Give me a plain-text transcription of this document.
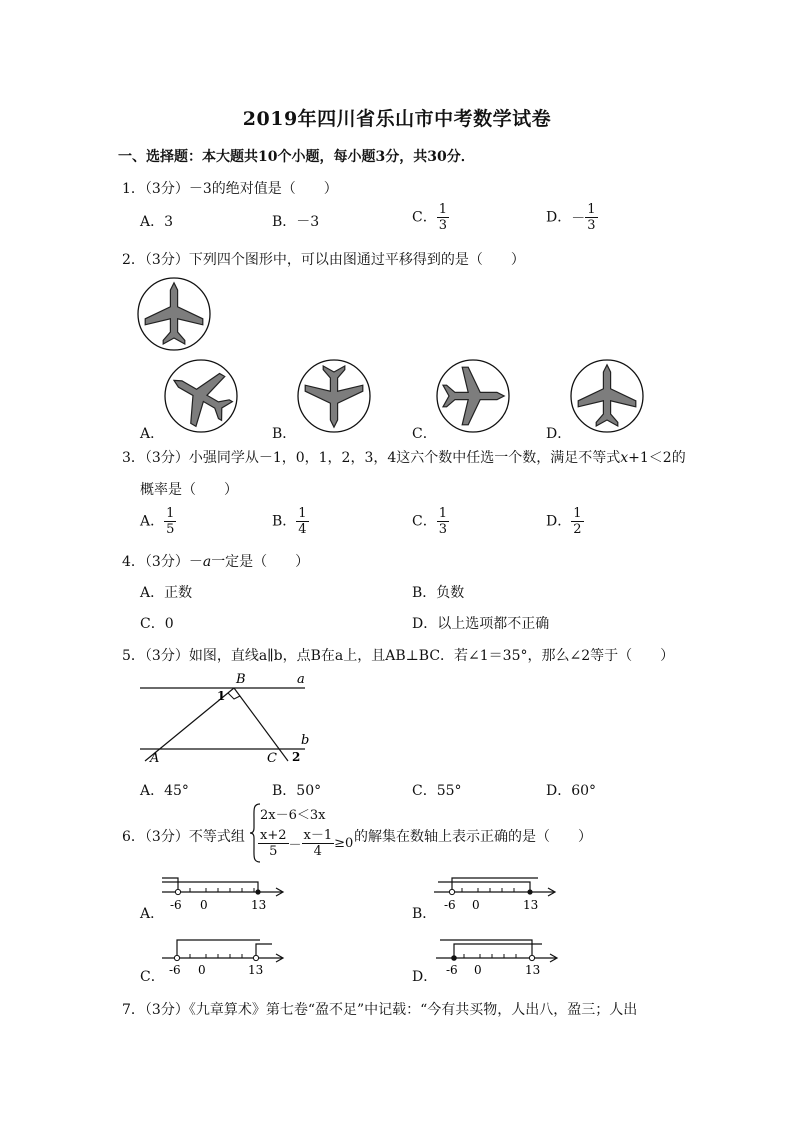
2019年四川省乐山市中考数学试卷
一、选择题：本大题共10个小题，每小题3分，共30分．
1．（3分）－3的绝对值是（　　）
A．3	B．－3	C． $\frac{1}{3}$	D．－ $\frac{1}{3}$
2．（3分）下列四个图形中，可以由图通过平移得到的是（　　）
A．	B．	C．	D．
3．（3分）小强同学从－1，0，1，2，3，4这六个数中任选一个数，满足不等式x+1＜2的
概率是（　　）
A． $\frac{1}{5}$	B． $\frac{1}{4}$	C． $\frac{1}{3}$	D． $\frac{1}{2}$
4．（3分）－a一定是（　　）
A．正数	B．负数
C．0	D．以上选项都不正确
5．（3分）如图，直线a∥b，点B在a上，且AB⊥BC．若∠1＝35°，那么∠2等于（　　）
B	a
1
b
A	C 2
A．45°	B．50°	C．55°	D．60°
6．（3分）不等式组
2x－6＜3x
$\frac{x+2}{5} - \frac{x-1}{4} \ge 0$ 的解集在数轴上表示正确的是（　　）
-6 0	13
A．
-6 0	13
B．
-6 0	13
C．	-6 0	13
D．
7．（3分）《九章算术》第七卷“盈不足”中记载：“今有共买物，人出八，盈三；人出
